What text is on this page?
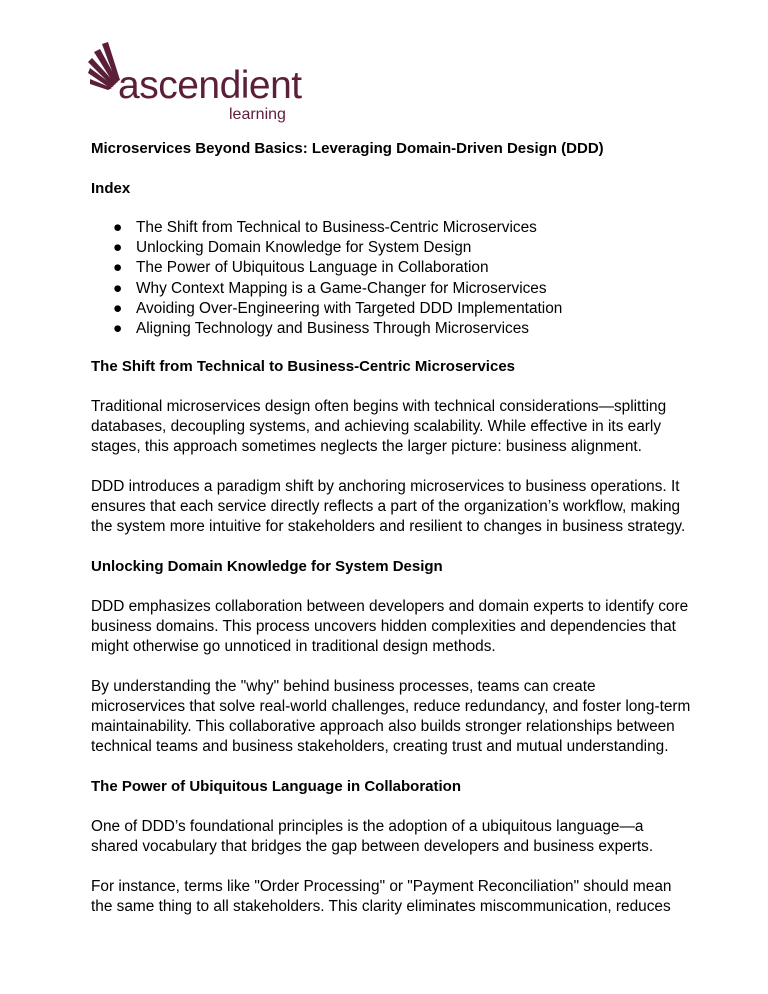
ascendient
learning
Microservices Beyond Basics: Leveraging Domain-Driven Design (DDD)
Index
● The Shift from Technical to Business-Centric Microservices
● Unlocking Domain Knowledge for System Design
● The Power of Ubiquitous Language in Collaboration
● Why Context Mapping is a Game-Changer for Microservices
● Avoiding Over-Engineering with Targeted DDD Implementation
● Aligning Technology and Business Through Microservices
The Shift from Technical to Business-Centric Microservices

Traditional microservices design often begins with technical considerations—splitting databases, decoupling systems, and achieving scalability. While effective in its early stages, this approach sometimes neglects the larger picture: business alignment.

DDD introduces a paradigm shift by anchoring microservices to business operations. It ensures that each service directly reflects a part of the organization’s workflow, making the system more intuitive for stakeholders and resilient to changes in business strategy.

Unlocking Domain Knowledge for System Design

DDD emphasizes collaboration between developers and domain experts to identify core business domains. This process uncovers hidden complexities and dependencies that might otherwise go unnoticed in traditional design methods.

By understanding the "why" behind business processes, teams can create microservices that solve real-world challenges, reduce redundancy, and foster long-term maintainability. This collaborative approach also builds stronger relationships between technical teams and business stakeholders, creating trust and mutual understanding.

The Power of Ubiquitous Language in Collaboration

One of DDD’s foundational principles is the adoption of a ubiquitous language—a shared vocabulary that bridges the gap between developers and business experts.

For instance, terms like "Order Processing" or "Payment Reconciliation" should mean the same thing to all stakeholders. This clarity eliminates miscommunication, reduces
